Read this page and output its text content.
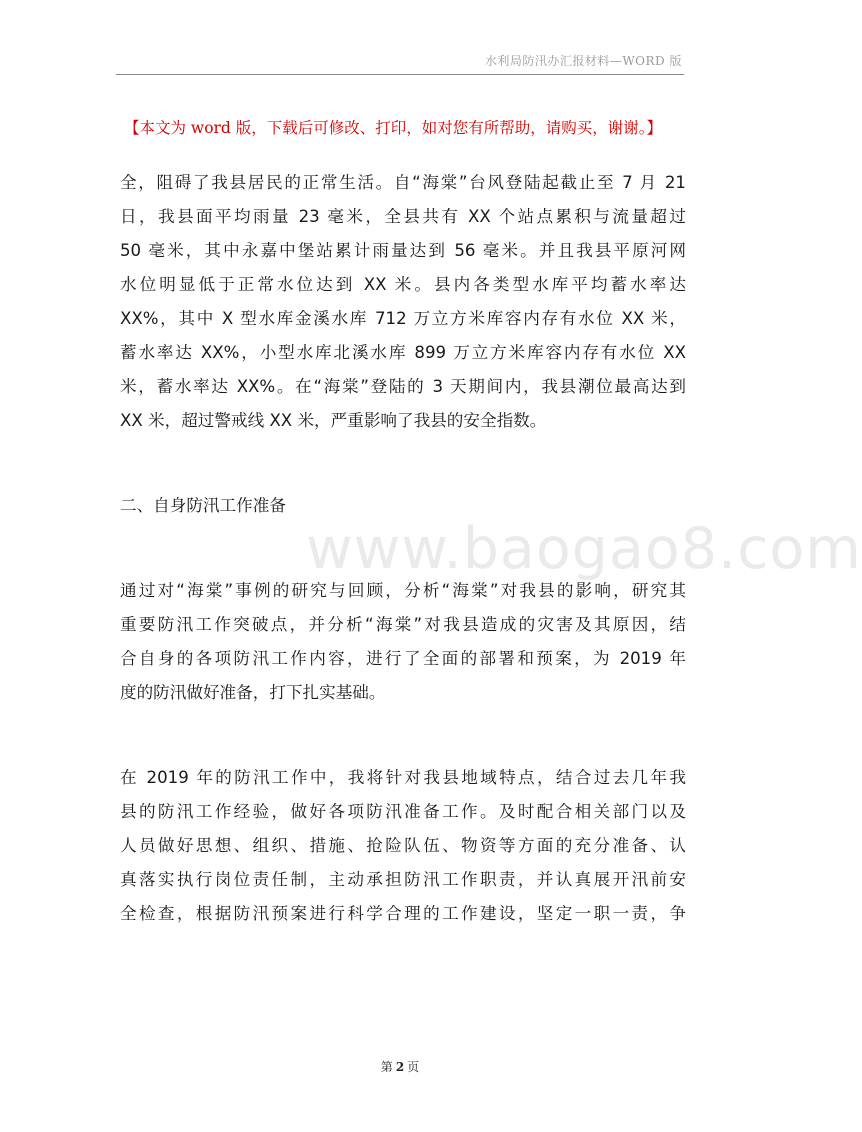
水利局防汛办汇报材料—WORD 版
【本文为 word 版，下载后可修改、打印，如对您有所帮助，请购买，谢谢。】
全，阻碍了我县居民的正常生活。自“海棠”台风登陆起截止至 7 月 21
日，我县面平均雨量 23 毫米，全县共有 XX 个站点累积与流量超过
50 毫米，其中永嘉中堡站累计雨量达到 56 毫米。并且我县平原河网
水位明显低于正常水位达到 XX 米。县内各类型水库平均蓄水率达
XX%，其中 X 型水库金溪水库 712 万立方米库容内存有水位 XX 米，
蓄水率达 XX%，小型水库北溪水库 899 万立方米库容内存有水位 XX
米，蓄水率达 XX%。在“海棠”登陆的 3 天期间内，我县潮位最高达到
XX 米，超过警戒线 XX 米，严重影响了我县的安全指数。
二、自身防汛工作准备
通过对“海棠”事例的研究与回顾，分析“海棠”对我县的影响，研究其
重要防汛工作突破点，并分析“海棠”对我县造成的灾害及其原因，结
合自身的各项防汛工作内容，进行了全面的部署和预案，为 2019 年
度的防汛做好准备，打下扎实基础。
在 2019 年的防汛工作中，我将针对我县地域特点，结合过去几年我
县的防汛工作经验，做好各项防汛准备工作。及时配合相关部门以及
人员做好思想、组织、措施、抢险队伍、物资等方面的充分准备、认
真落实执行岗位责任制，主动承担防汛工作职责，并认真展开汛前安
全检查，根据防汛预案进行科学合理的工作建设，坚定一职一责，争
www.baogao8.com
第 2 页
